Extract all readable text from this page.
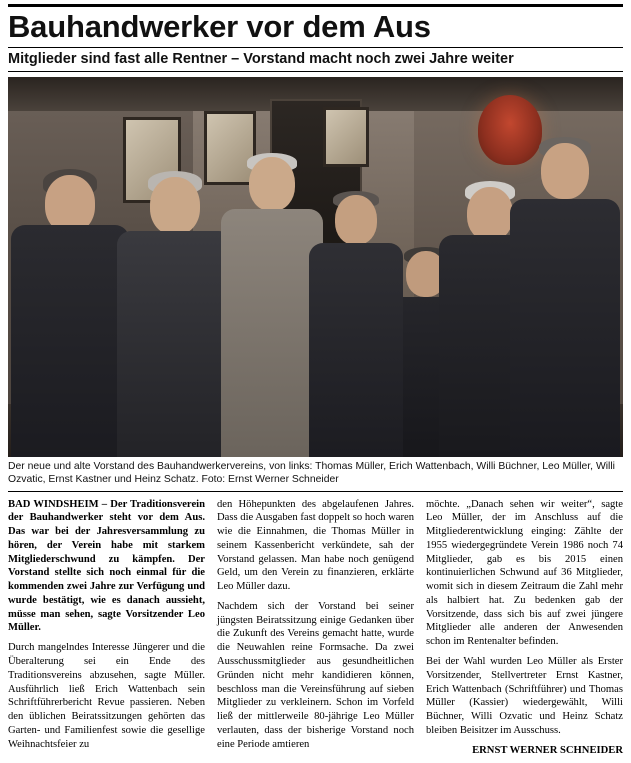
Bauhandwerker vor dem Aus
Mitglieder sind fast alle Rentner – Vorstand macht noch zwei Jahre weiter
Der neue und alte Vorstand des Bauhandwerkervereins, von links: Thomas Müller, Erich Wattenbach, Willi Büchner, Leo Müller, Willi Ozvatic, Ernst Kastner und Heinz Schatz. Foto: Ernst Werner Schneider

BAD WINDSHEIM – Der Traditionsverein der Bauhandwerker steht vor dem Aus. Das war bei der Jahresversammlung zu hören, der Verein habe mit starkem Mitgliederschwund zu kämpfen. Der Vorstand stellte sich noch einmal für die kommenden zwei Jahre zur Verfügung und wurde bestätigt, wie es danach aussieht, müsse man sehen, sagte Vorsitzender Leo Müller.

Durch mangelndes Interesse Jüngerer und die Überalterung sei ein Ende des Traditionsvereins abzusehen, sagte Müller. Ausführlich ließ Erich Wattenbach sein Schriftführerbericht Revue passieren. Neben den üblichen Beiratssitzungen gehörten das Garten- und Familienfest sowie die gesellige Weihnachtsfeier zu

den Höhepunkten des abgelaufenen Jahres. Dass die Ausgaben fast doppelt so hoch waren wie die Einnahmen, die Thomas Müller in seinem Kassenbericht verkündete, sah der Vorstand gelassen. Man habe noch genügend Geld, um den Verein zu finanzieren, erklärte Leo Müller dazu.

Nachdem sich der Vorstand bei seiner jüngsten Beiratssitzung einige Gedanken über die Zukunft des Vereins gemacht hatte, wurde die Neuwahlen reine Formsache. Da zwei Ausschussmitglieder aus gesundheitlichen Gründen nicht mehr kandidieren können, beschloss man die Vereinsführung auf sieben Mitglieder zu verkleinern. Schon im Vorfeld ließ der mittlerweile 80-jährige Leo Müller verlauten, dass der bisherige Vorstand noch eine Periode amtieren

möchte. „Danach sehen wir weiter“, sagte Leo Müller, der im Anschluss auf die Mitgliederentwicklung einging: Zählte der 1955 wiedergegründete Verein 1986 noch 74 Mitglieder, gab es bis 2015 einen kontinuierlichen Schwund auf 36 Mitglieder, womit sich in diesem Zeitraum die Zahl mehr als halbiert hat. Zu bedenken gab der Vorsitzende, dass sich bis auf zwei jüngere Mitglieder alle anderen der Anwesenden schon im Rentenalter befinden.

Bei der Wahl wurden Leo Müller als Erster Vorsitzender, Stellvertreter Ernst Kastner, Erich Wattenbach (Schriftführer) und Thomas Müller (Kassier) wiedergewählt, Willi Büchner, Willi Ozvatic und Heinz Schatz bleiben Beisitzer im Ausschuss.

ERNST WERNER SCHNEIDER
